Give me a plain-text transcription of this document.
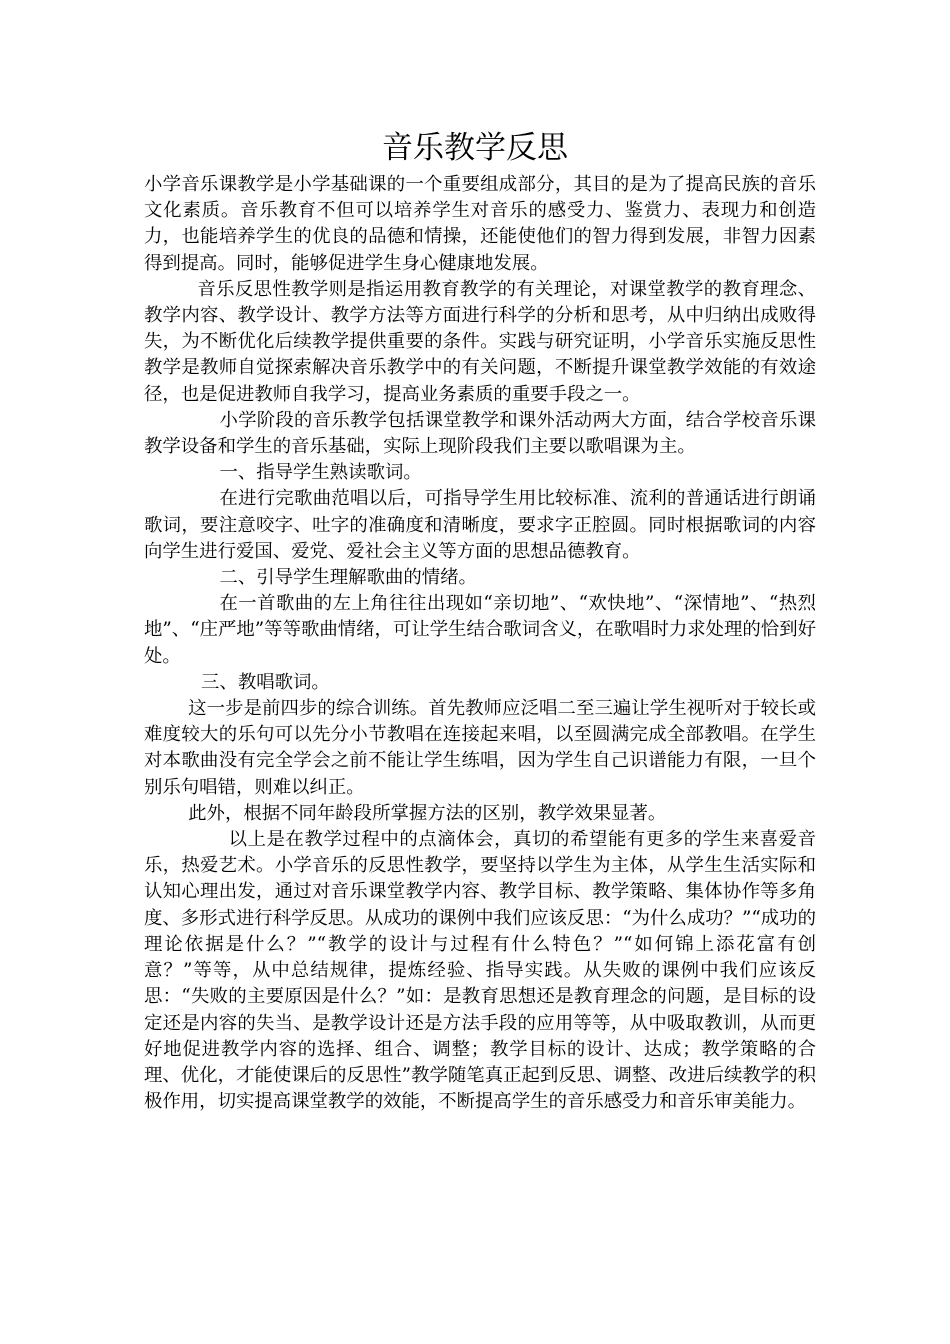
音乐教学反思

小学音乐课教学是小学基础课的一个重要组成部分，其目的是为了提高民族的音乐文化素质。音乐教育不但可以培养学生对音乐的感受力、鉴赏力、表现力和创造力，也能培养学生的优良的品德和情操，还能使他们的智力得到发展，非智力因素得到提高。同时，能够促进学生身心健康地发展。

音乐反思性教学则是指运用教育教学的有关理论，对课堂教学的教育理念、教学内容、教学设计、教学方法等方面进行科学的分析和思考，从中归纳出成败得失，为不断优化后续教学提供重要的条件。实践与研究证明，小学音乐实施反思性教学是教师自觉探索解决音乐教学中的有关问题，不断提升课堂教学效能的有效途径，也是促进教师自我学习，提高业务素质的重要手段之一。

小学阶段的音乐教学包括课堂教学和课外活动两大方面，结合学校音乐课教学设备和学生的音乐基础，实际上现阶段我们主要以歌唱课为主。

一、指导学生熟读歌词。

在进行完歌曲范唱以后，可指导学生用比较标准、流利的普通话进行朗诵歌词，要注意咬字、吐字的准确度和清晰度，要求字正腔圆。同时根据歌词的内容向学生进行爱国、爱党、爱社会主义等方面的思想品德教育。

二、引导学生理解歌曲的情绪。

在一首歌曲的左上角往往出现如“亲切地”、“欢快地”、“深情地”、“热烈地”、“庄严地”等等歌曲情绪，可让学生结合歌词含义，在歌唱时力求处理的恰到好处。

三、教唱歌词。

这一步是前四步的综合训练。首先教师应泛唱二至三遍让学生视听对于较长或难度较大的乐句可以先分小节教唱在连接起来唱，以至圆满完成全部教唱。在学生对本歌曲没有完全学会之前不能让学生练唱，因为学生自己识谱能力有限，一旦个别乐句唱错，则难以纠正。

此外，根据不同年龄段所掌握方法的区别，教学效果显著。

以上是在教学过程中的点滴体会，真切的希望能有更多的学生来喜爱音乐，热爱艺术。小学音乐的反思性教学，要坚持以学生为主体，从学生生活实际和认知心理出发，通过对音乐课堂教学内容、教学目标、教学策略、集体协作等多角度、多形式进行科学反思。从成功的课例中我们应该反思：“为什么成功？”“成功的理论依据是什么？”“教学的设计与过程有什么特色？”“如何锦上添花富有创意？”等等，从中总结规律，提炼经验、指导实践。从失败的课例中我们应该反思：“失败的主要原因是什么？”如：是教育思想还是教育理念的问题，是目标的设定还是内容的失当、是教学设计还是方法手段的应用等等，从中吸取教训，从而更好地促进教学内容的选择、组合、调整；教学目标的设计、达成；教学策略的合理、优化，才能使课后的反思性”教学随笔真正起到反思、调整、改进后续教学的积极作用，切实提高课堂教学的效能，不断提高学生的音乐感受力和音乐审美能力。
